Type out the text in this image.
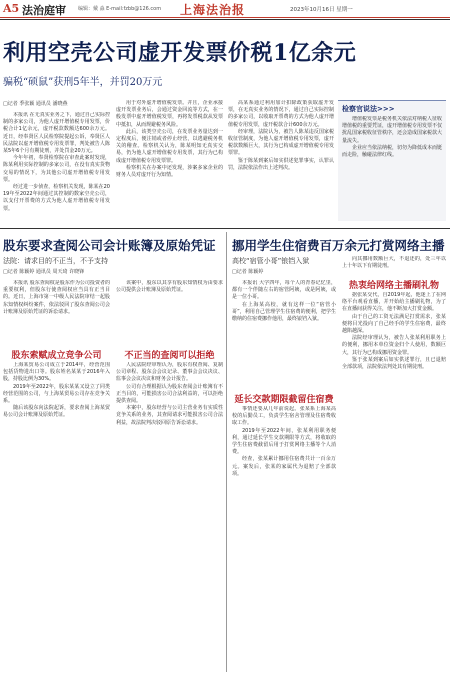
A5 法治庭审 编辑：戴 淼 E-mail:fzbb@126.com 上海法治报	2023年10月16日 星期一
利用空壳公司虚开发票价税1亿余元
骗税“硕鼠”获刑5年半，并罚20万元
□记者 季张颖 通讯员 潘晓燕

本报讯 在无真实业务之下，通过自己实际控制的多家公司，为他人虚开增值税专用发票，价税合计1亿余元，虚开税款数额达600余万元。近日，经奉贤区人民检察院提起公诉，奉贤区人民法院以虚开增值税专用发票罪，判处被告人陈某5年6个月有期徒刑，并处罚金20万元。

今年年初，奉贤检察院在审查此案时发现，陈某利用实际控制的多家公司，在没有真实货物交易的情况下，为其他公司虚开增值税专用发票。

经过进一步侦查，检察机关发现，陈某在2019年至2022年间通过其控制的数家空壳公司，以支付开票费的方式为他人虚开增值税专用发票。

用于对外虚开增值税发票。并且，企业承接虚开发票业务后，会通过资金回流等方式，在一般发票中虚开增值税发票，再将发票税款从发票中抵扣，从而规避税务风险。

此后，该类空壳公司，在发票业务量达到一定程度后，便注销或者停止经营，以逃避税务机关的稽查。检察机关认为，陈某明知无真实交易，仍为他人虚开增值税专用发票，其行为已构成虚开增值税专用发票罪。

检察机关在办案中还发现，涉案多家企业的财务人员对虚开行为知情。

高某系通过利用加计扣除政策获取虚开发票，在无真实业务的情况下，通过自己实际控制的多家公司，以收取开票费的方式为他人虚开增值税专用发票，虚开税款合计600余万元。

经审理，法院认为，被告人陈某违反国家税收征管制度，为他人虚开增值税专用发票，虚开税款数额巨大，其行为已构成虚开增值税专用发票罪。

鉴于陈某到案后如实供述犯罪事实，认罪认罚，法院依法作出上述判决。

检察官说法>>>

增值税发票是税务机关依法对纳税人征收增值税的重要凭证，虚开增值税专用发票不仅扰乱国家税收征管秩序，还会造成国家税款大量流失。

企业应当依法纳税，切勿为降低成本而铤而走险，触碰法律红线。

股东要求查阅公司会计账簿及原始凭证
法院：请求目的不正当，不予支持
□记者 陈颖婷 通讯员 周天琦 许晓锋

本报讯 股东查阅权是股东作为公司投资者的重要权利，但股东行使查阅权应当具有正当目的。近日，上海市第一中级人民法院审结一起股东知情权纠纷案件，依法驳回了股东查阅公司会计账簿及原始凭证的诉讼请求。

该案中，股东以其享有股东知情权为由要求公司提供会计账簿及原始凭证。

股东索赋成立竞争公司

上海某贸易公司成立于2014年，经营范围包括货物进出口等。股东姓名某某于2016年入股，持股比例为30%。

2019年至2022年，股东某某又设立了同类经营范围的公司，与上海某贸易公司存在竞争关系。

随后该股东向法院起诉，要求查阅上海某贸易公司会计账簿及原始凭证。

不正当的查阅可以拒绝

人民法院经审理认为，股东有权查阅、复制公司章程、股东会会议记录、董事会会议决议、监事会会议决议和财务会计报告。

公司有合理根据认为股东查阅会计账簿有不正当目的，可能损害公司合法利益的，可以拒绝提供查阅。

本案中，股东经营与公司主营业务有实质性竞争关系的业务，其查阅请求可能损害公司合法利益，故法院判决驳回原告诉讼请求。

挪用学生住宿费百万余元打赏网络主播
高校“宿管小哥”锒铛入狱
□记者 陈颖婷

本报讯 大学四年，每个人的青春记忆里，都有一个伴随左右的宿管阿姨，或是阿姨，或是一位小哥。

在上海某高校，就有这样一位“宿管小哥”，利用自己管理学生住宿费的便利，把学生缴纳的住宿费挪作他用，最终锒铛入狱。

延长交款期限截留住宿费

事情还要从几年前说起。张某系上海某高校的后勤员工，负责学生宿舍管理及住宿费收取工作。

2019年至2022年间，张某利用职务便利，通过延长学生交款期限等方式，将收取的学生住宿费截留后用于打赏网络主播等个人消费。

经查，张某累计挪用住宿费共计一百余万元。案发后，张某的家属代为退赔了全部款项。

向其挪用数额巨大，不退还的，处三年以上十年以下有期徒刑。

热衷给网络主播刷礼物

据张某交代，自2019年起，他迷上了在网络平台观看直播，并开始给主播刷礼物，为了在直播间获得关注，他不断加大打赏金额。

由于自己的工资无法满足打赏需求，张某便将目光投向了自己经手的学生住宿费，最终越陷越深。

法院经审理认为，被告人张某利用职务上的便利，挪用本单位资金归个人使用，数额巨大，其行为已构成挪用资金罪。

鉴于张某到案后如实供述罪行，且已退赔全部款项，法院依法判处其有期徒刑。
